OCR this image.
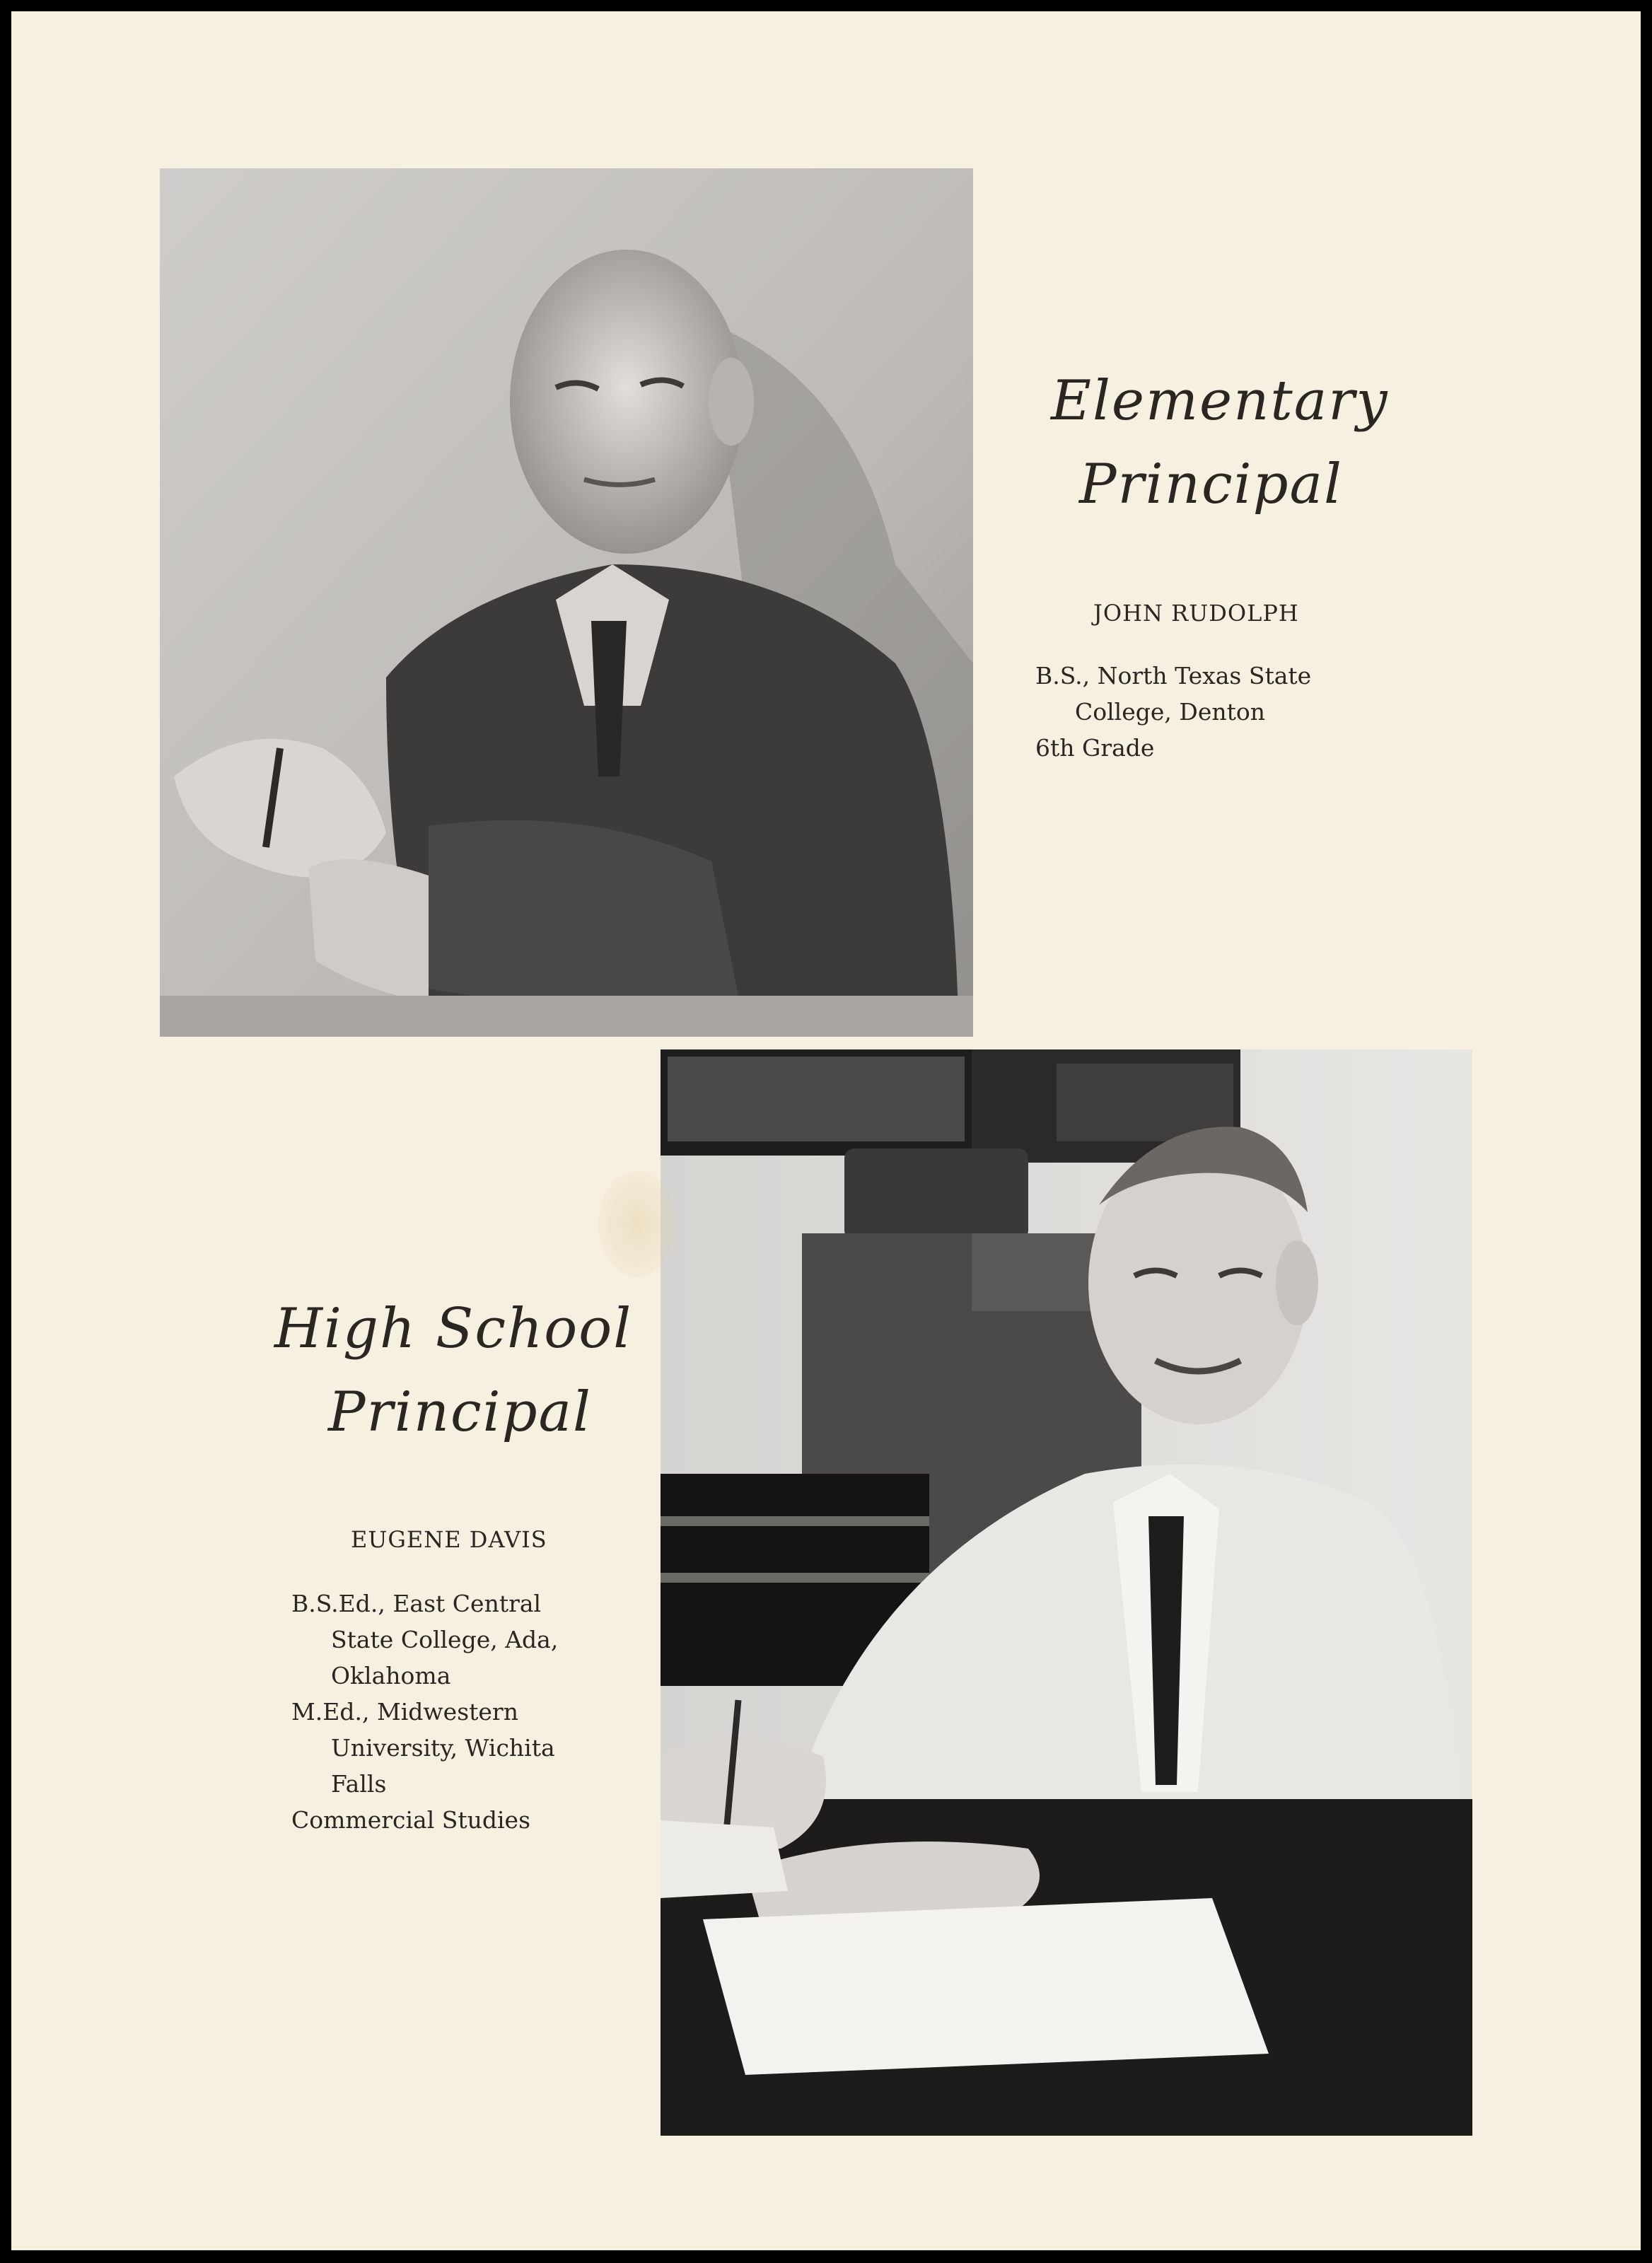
Elementary
Principal
JOHN RUDOLPH
B.S., North Texas State
College, Denton
6th Grade
High School
Principal
EUGENE DAVIS
B.S.Ed., East Central
State College, Ada,
Oklahoma
M.Ed., Midwestern
University, Wichita
Falls
Commercial Studies
